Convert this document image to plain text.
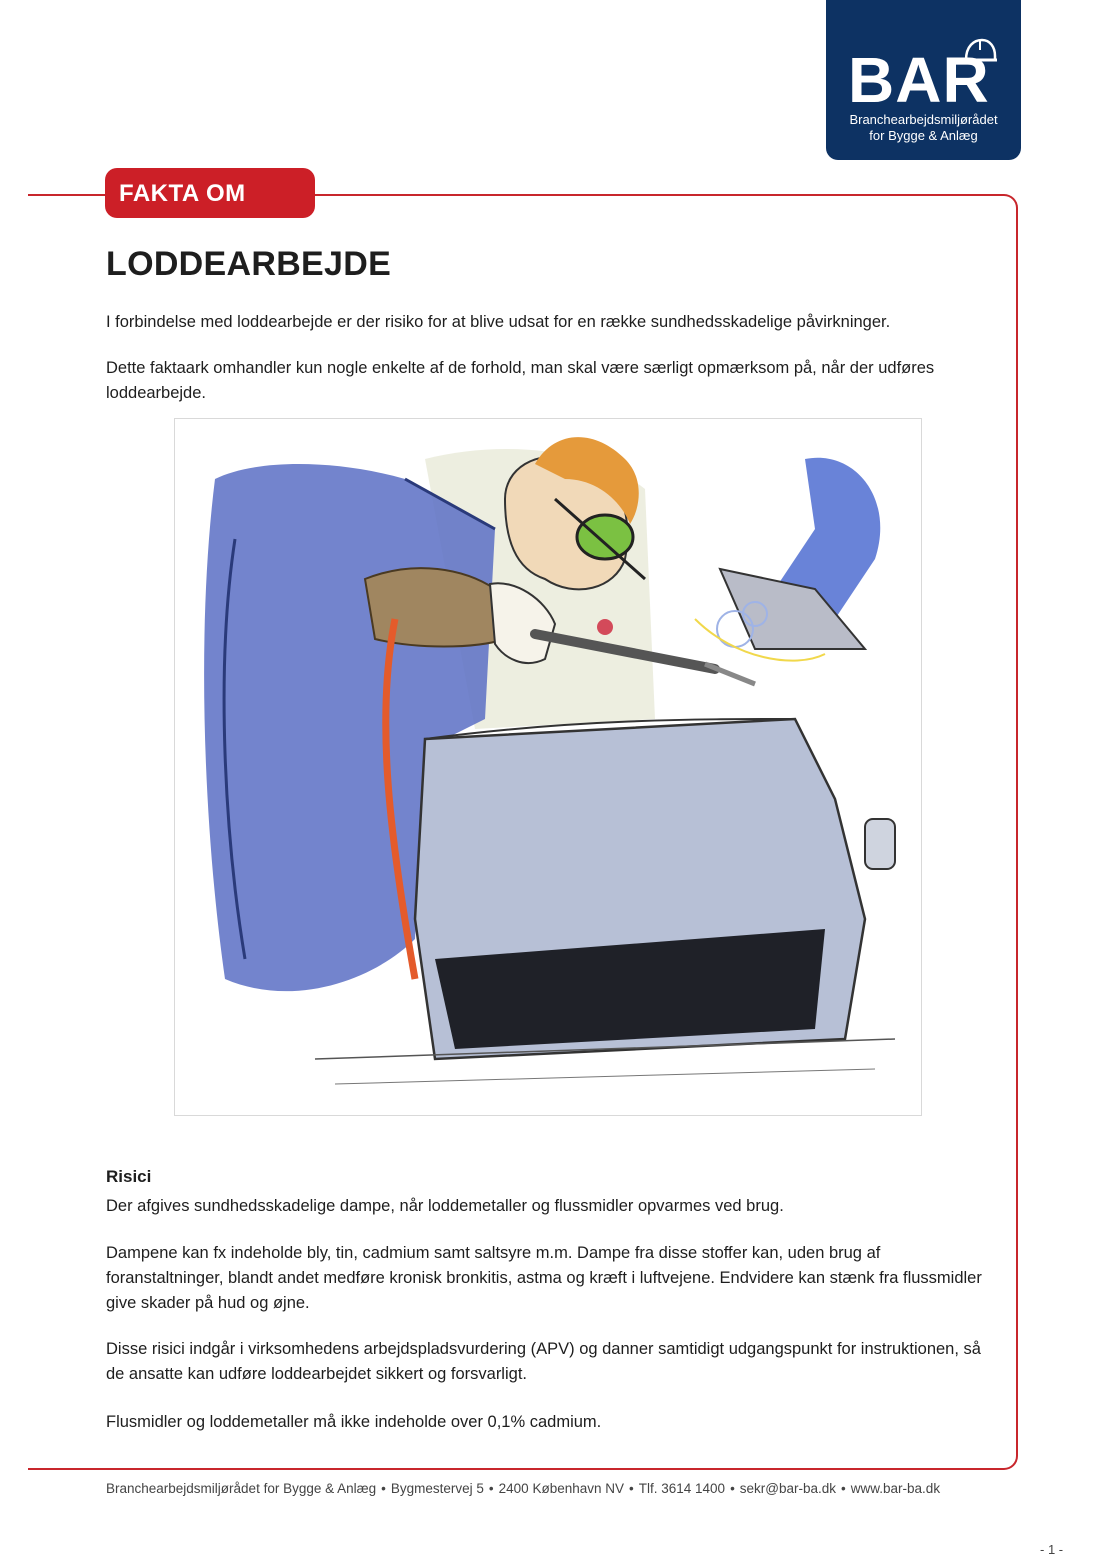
BAR
Branchearbejdsmiljørådet
for Bygge & Anlæg
FAKTA OM
LODDEARBEJDE

I forbindelse med loddearbejde er der risiko for at blive udsat for en række sundhedsskadelige påvirkninger.

Dette faktaark omhandler kun nogle enkelte af de forhold, man skal være særligt opmærksom på, når der udføres loddearbejde.

Risici

Der afgives sundhedsskadelige dampe, når loddemetaller og flussmidler opvarmes ved brug.

Dampene kan fx indeholde bly, tin, cadmium samt saltsyre m.m. Dampe fra disse stoffer kan, uden brug af foranstaltninger, blandt andet medføre kronisk bronkitis, astma og kræft i luftvejene. Endvidere kan stænk fra flussmidler give skader på hud og øjne.

Disse risici indgår i virksomhedens arbejdspladsvurdering (APV) og danner samtidigt udgangspunkt for instruktionen, så de ansatte kan udføre loddearbejdet sikkert og forsvarligt.

Flusmidler og loddemetaller må ikke indeholde over 0,1% cadmium.

Branchearbejdsmiljørådet for Bygge & Anlæg • Bygmestervej 5 • 2400 København NV • Tlf. 3614 1400 • sekr@bar-ba.dk • www.bar-ba.dk
- 1 -
